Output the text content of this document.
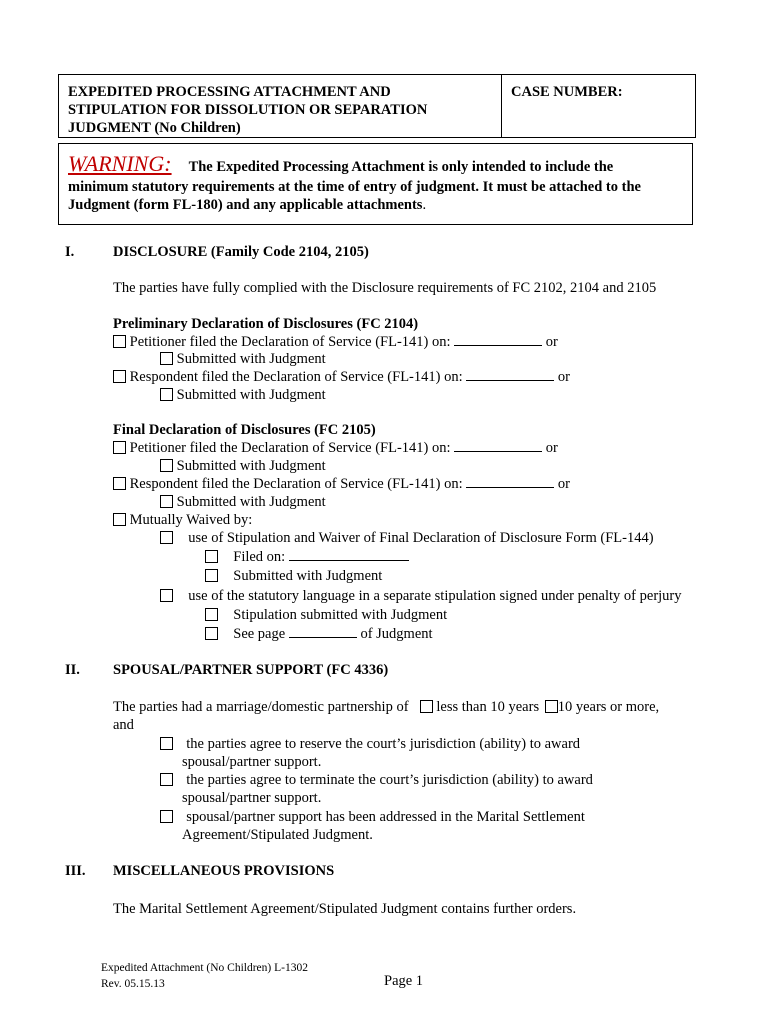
EXPEDITED PROCESSING ATTACHMENT AND
STIPULATION FOR DISSOLUTION OR SEPARATION
JUDGMENT (No Children)
CASE NUMBER:
WARNING: The Expedited Processing Attachment is only intended to include the
minimum statutory requirements at the time of entry of judgment. It must be attached to the
Judgment (form FL-180) and any applicable attachments.
I.	DISCLOSURE (Family Code 2104, 2105)
The parties have fully complied with the Disclosure requirements of FC 2102, 2104 and 2105
Preliminary Declaration of Disclosures (FC 2104)
Petitioner filed the Declaration of Service (FL-141) on:	or
Submitted with Judgment
Respondent filed the Declaration of Service (FL-141) on:	or
Submitted with Judgment
Final Declaration of Disclosures (FC 2105)
Petitioner filed the Declaration of Service (FL-141) on:	or
Submitted with Judgment
Respondent filed the Declaration of Service (FL-141) on:	or
Submitted with Judgment
Mutually Waived by:
use of Stipulation and Waiver of Final Declaration of Disclosure Form (FL-144)
Filed on:
Submitted with Judgment
use of the statutory language in a separate stipulation signed under penalty of perjury
Stipulation submitted with Judgment
See page	of Judgment
II. SPOUSAL/PARTNER SUPPORT (FC 4336)
The parties had a marriage/domestic partnership of less than 10 years 10 years or more,
and
the parties agree to reserve the court’s jurisdiction (ability) to award
spousal/partner support.
the parties agree to terminate the court’s jurisdiction (ability) to award
spousal/partner support.
spousal/partner support has been addressed in the Marital Settlement
Agreement/Stipulated Judgment.
III. MISCELLANEOUS PROVISIONS
The Marital Settlement Agreement/Stipulated Judgment contains further orders.
Expedited Attachment (No Children) L-1302
Rev. 05.15.13	Page 1
